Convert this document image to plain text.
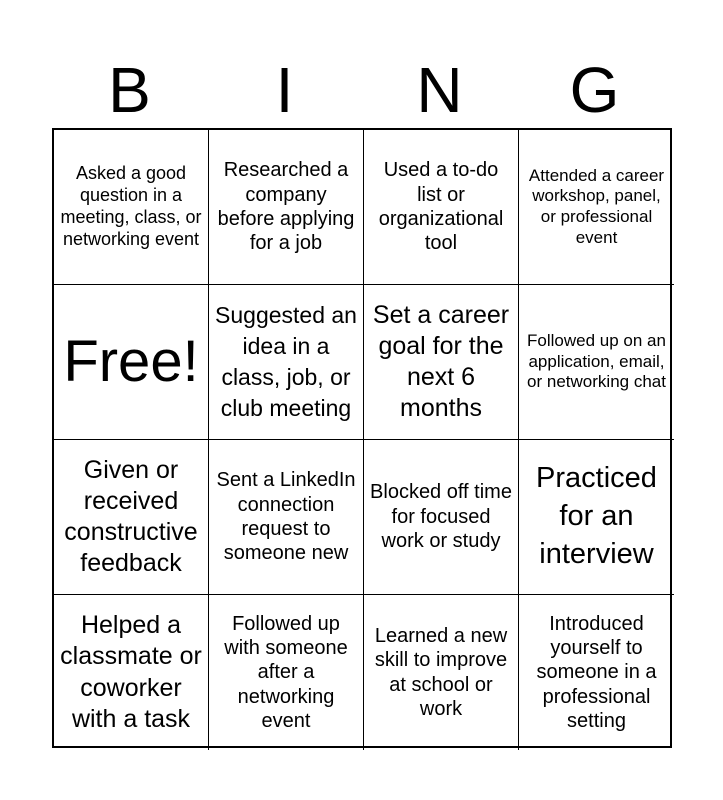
B	I	N	G
Asked a good question in a meeting, class, or networking event
Researched a company before applying for a job
Used a to-do list or organizational tool
Attended a career workshop, panel, or professional event
Free!
Suggested an idea in a class, job, or club meeting
Set a career goal for the next 6 months
Followed up on an application, email, or networking chat
Given or received constructive feedback
Sent a LinkedIn connection request to someone new
Blocked off time for focused work or study
Practiced for an interview
Helped a classmate or coworker with a task
Followed up with someone after a networking event
Learned a new skill to improve at school or work
Introduced yourself to someone in a professional setting
